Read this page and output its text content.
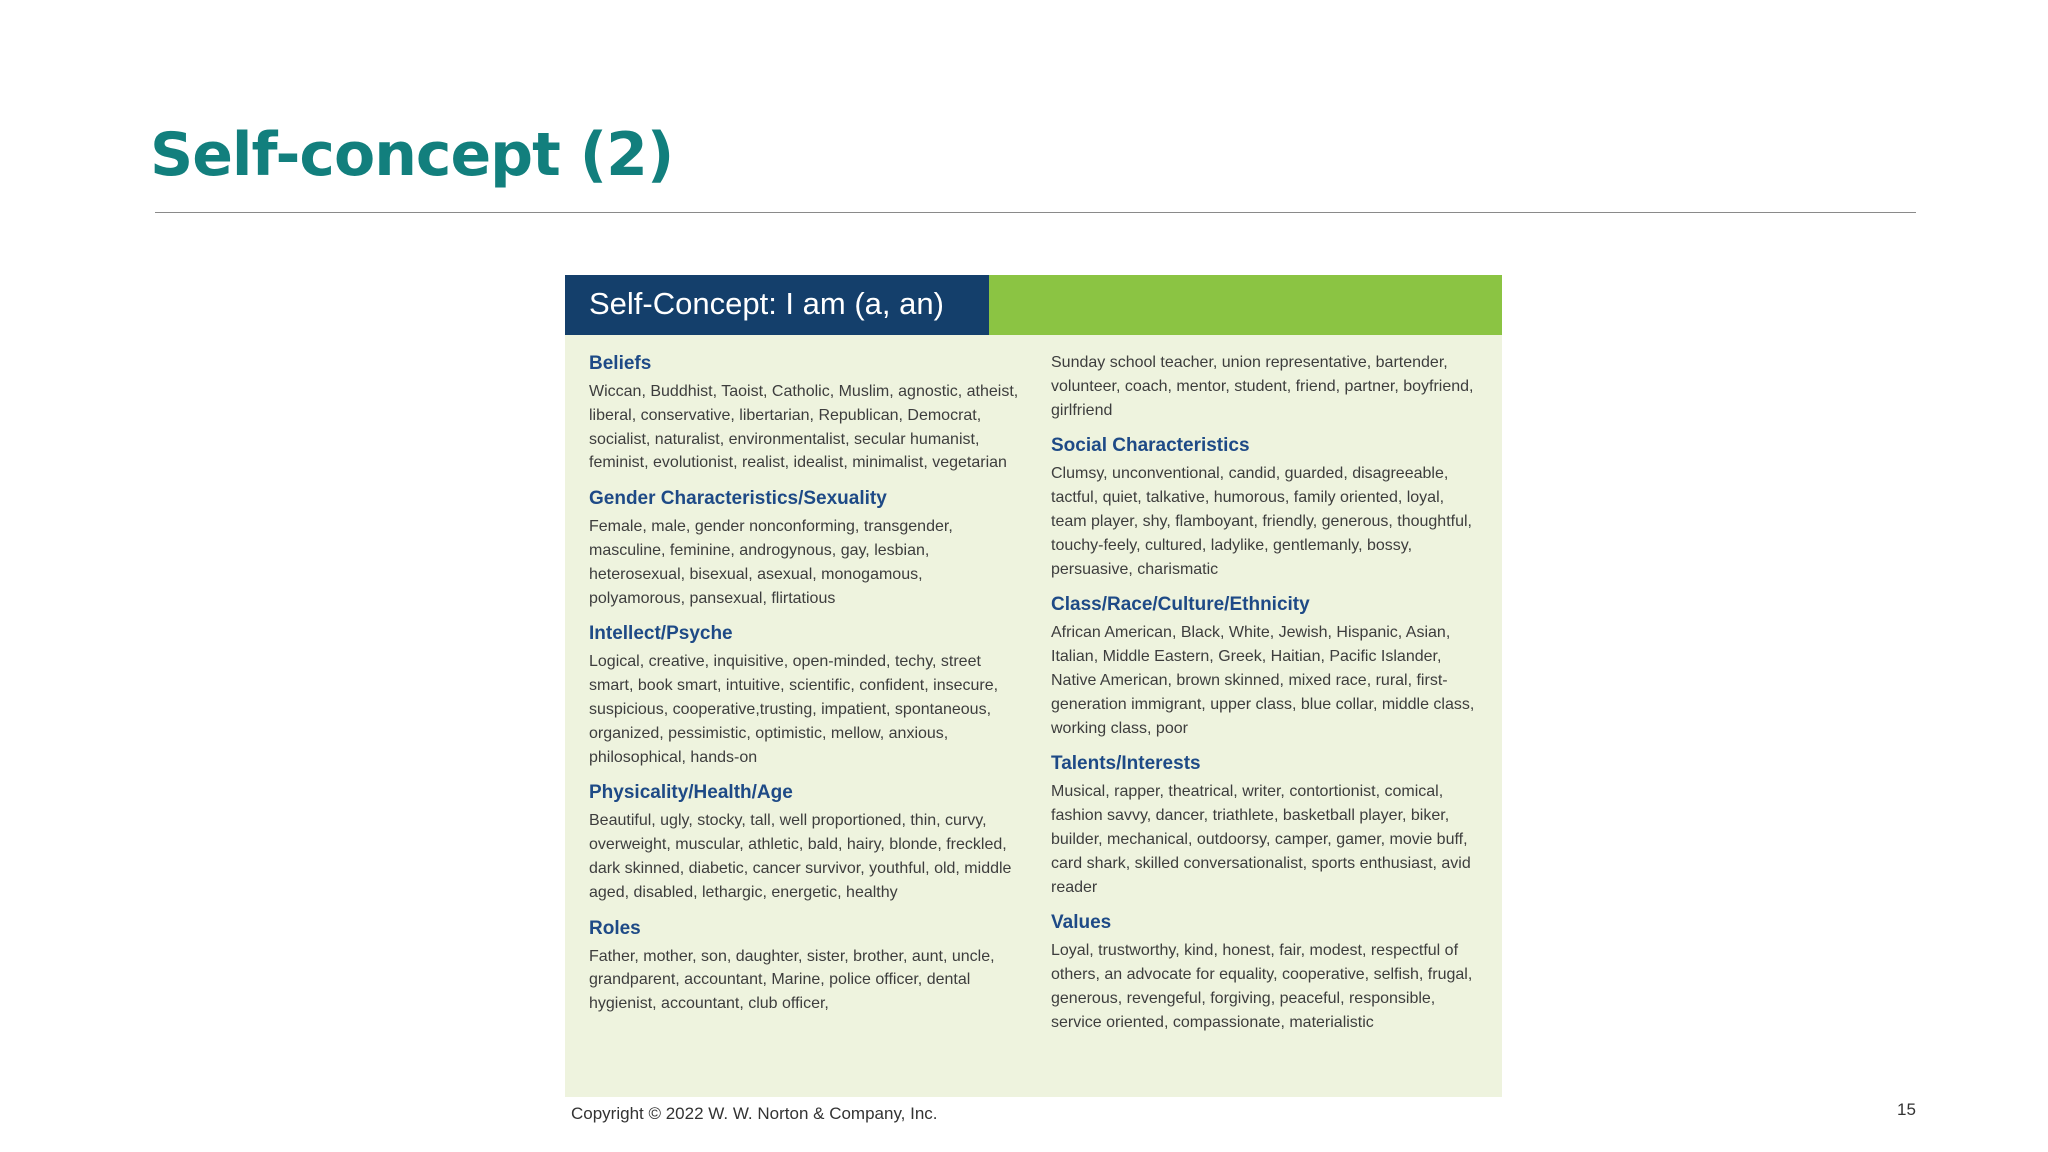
Self-concept (2)
Self-Concept: I am (a, an)
Beliefs

Wiccan, Buddhist, Taoist, Catholic, Muslim, agnostic, atheist, liberal, conservative, libertarian, Republican, Democrat, socialist, naturalist, environmentalist, secular humanist, feminist, evolutionist, realist, idealist, minimalist, vegetarian

Gender Characteristics/Sexuality

Female, male, gender nonconforming, transgender, masculine, feminine, androgynous, gay, lesbian, heterosexual, bisexual, asexual, monogamous, polyamorous, pansexual, flirtatious

Intellect/Psyche

Logical, creative, inquisitive, open-minded, techy, street smart, book smart, intuitive, scientific, confident, insecure, suspicious, cooperative,trusting, impatient, spontaneous, organized, pessimistic, optimistic, mellow, anxious, philosophical, hands-on

Physicality/Health/Age

Beautiful, ugly, stocky, tall, well proportioned, thin, curvy, overweight, muscular, athletic, bald, hairy, blonde, freckled, dark skinned, diabetic, cancer survivor, youthful, old, middle aged, disabled, lethargic, energetic, healthy

Roles

Father, mother, son, daughter, sister, brother, aunt, uncle, grandparent, accountant, Marine, police officer, dental hygienist, accountant, club officer,

Sunday school teacher, union representative, bartender, volunteer, coach, mentor, student, friend, partner, boyfriend, girlfriend

Social Characteristics

Clumsy, unconventional, candid, guarded, disagreeable, tactful, quiet, talkative, humorous, family oriented, loyal, team player, shy, flamboyant, friendly, generous, thoughtful, touchy-feely, cultured, ladylike, gentlemanly, bossy, persuasive, charismatic

Class/Race/Culture/Ethnicity

African American, Black, White, Jewish, Hispanic, Asian, Italian, Middle Eastern, Greek, Haitian, Pacific Islander, Native American, brown skinned, mixed race, rural, first-generation immigrant, upper class, blue collar, middle class, working class, poor

Talents/Interests

Musical, rapper, theatrical, writer, contortionist, comical, fashion savvy, dancer, triathlete, basketball player, biker, builder, mechanical, outdoorsy, camper, gamer, movie buff, card shark, skilled conversationalist, sports enthusiast, avid reader

Values

Loyal, trustworthy, kind, honest, fair, modest, respectful of others, an advocate for equality, cooperative, selfish, frugal, generous, revengeful, forgiving, peaceful, responsible, service oriented, compassionate, materialistic

Copyright © 2022 W. W. Norton & Company, Inc.	15
